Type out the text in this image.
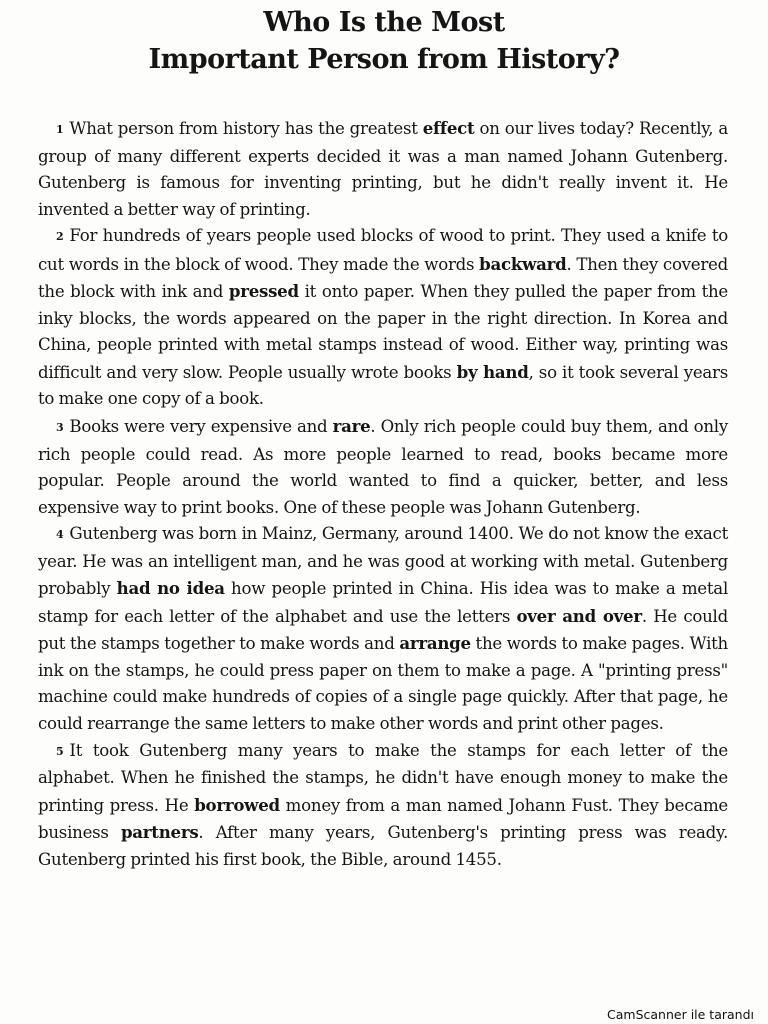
Who Is the Most
Important Person from History?

1 What person from history has the greatest effect on our lives today? Recently, a group of many different experts decided it was a man named Johann Gutenberg. Gutenberg is famous for inventing printing, but he didn't really invent it. He invented a better way of printing.

2 For hundreds of years people used blocks of wood to print. They used a knife to cut words in the block of wood. They made the words backward. Then they covered the block with ink and pressed it onto paper. When they pulled the paper from the inky blocks, the words appeared on the paper in the right direction. In Korea and China, people printed with metal stamps instead of wood. Either way, printing was difficult and very slow. People usually wrote books by hand, so it took several years to make one copy of a book.

3 Books were very expensive and rare. Only rich people could buy them, and only rich people could read. As more people learned to read, books became more popular. People around the world wanted to find a quicker, better, and less expensive way to print books. One of these people was Johann Gutenberg.

4 Gutenberg was born in Mainz, Germany, around 1400. We do not know the exact year. He was an intelligent man, and he was good at working with metal. Gutenberg probably had no idea how people printed in China. His idea was to make a metal stamp for each letter of the alphabet and use the letters over and over. He could put the stamps together to make words and arrange the words to make pages. With ink on the stamps, he could press paper on them to make a page. A "printing press" machine could make hundreds of copies of a single page quickly. After that page, he could rearrange the same letters to make other words and print other pages.

5 It took Gutenberg many years to make the stamps for each letter of the alphabet. When he finished the stamps, he didn't have enough money to make the printing press. He borrowed money from a man named Johann Fust. They became business partners. After many years, Gutenberg's printing press was ready. Gutenberg printed his first book, the Bible, around 1455.

CamScanner ile tarandı
